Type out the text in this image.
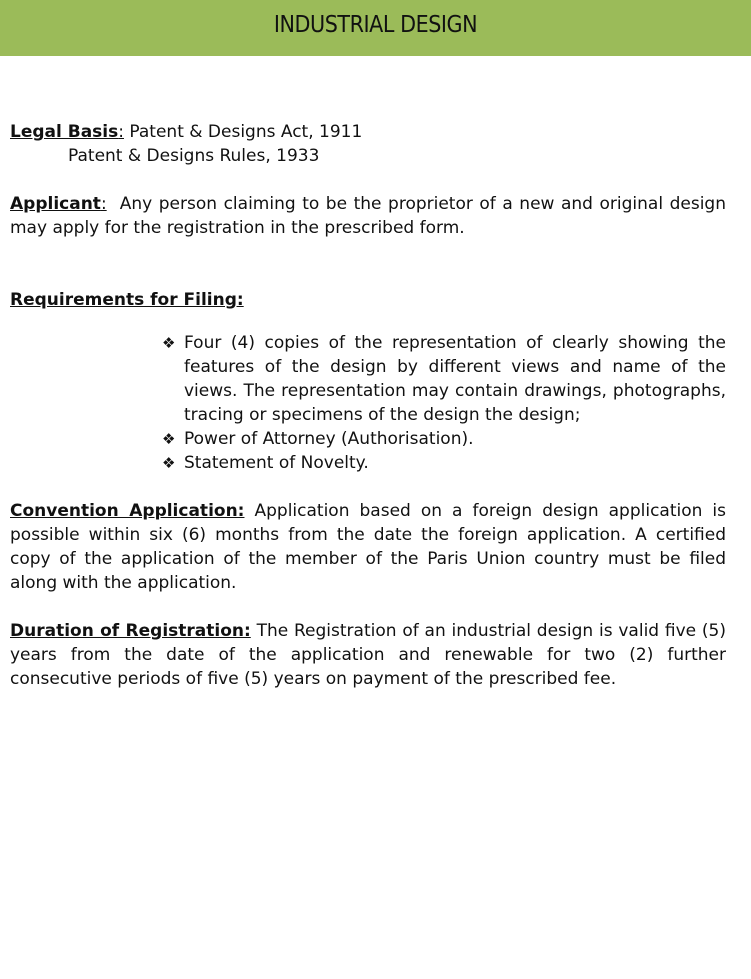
INDUSTRIAL DESIGN

Legal Basis: Patent & Designs Act, 1911

Patent & Designs Rules, 1933

Applicant:  Any person claiming to be the proprietor of a new and original design may apply for the registration in the prescribed form.

Requirements for Filing:

❖ Four (4) copies of the representation of clearly showing the features of the design by different views and name of the views. The representation may contain drawings, photographs, tracing or specimens of the design the design;
❖ Power of Attorney (Authorisation).
❖ Statement of Novelty.

Convention Application: Application based on a foreign design application is possible within six (6) months from the date the foreign application. A certified copy of the application of the member of the Paris Union country must be filed along with the application.

Duration of Registration: The Registration of an industrial design is valid five (5) years from the date of the application and renewable for two (2) further consecutive periods of five (5) years on payment of the prescribed fee.
